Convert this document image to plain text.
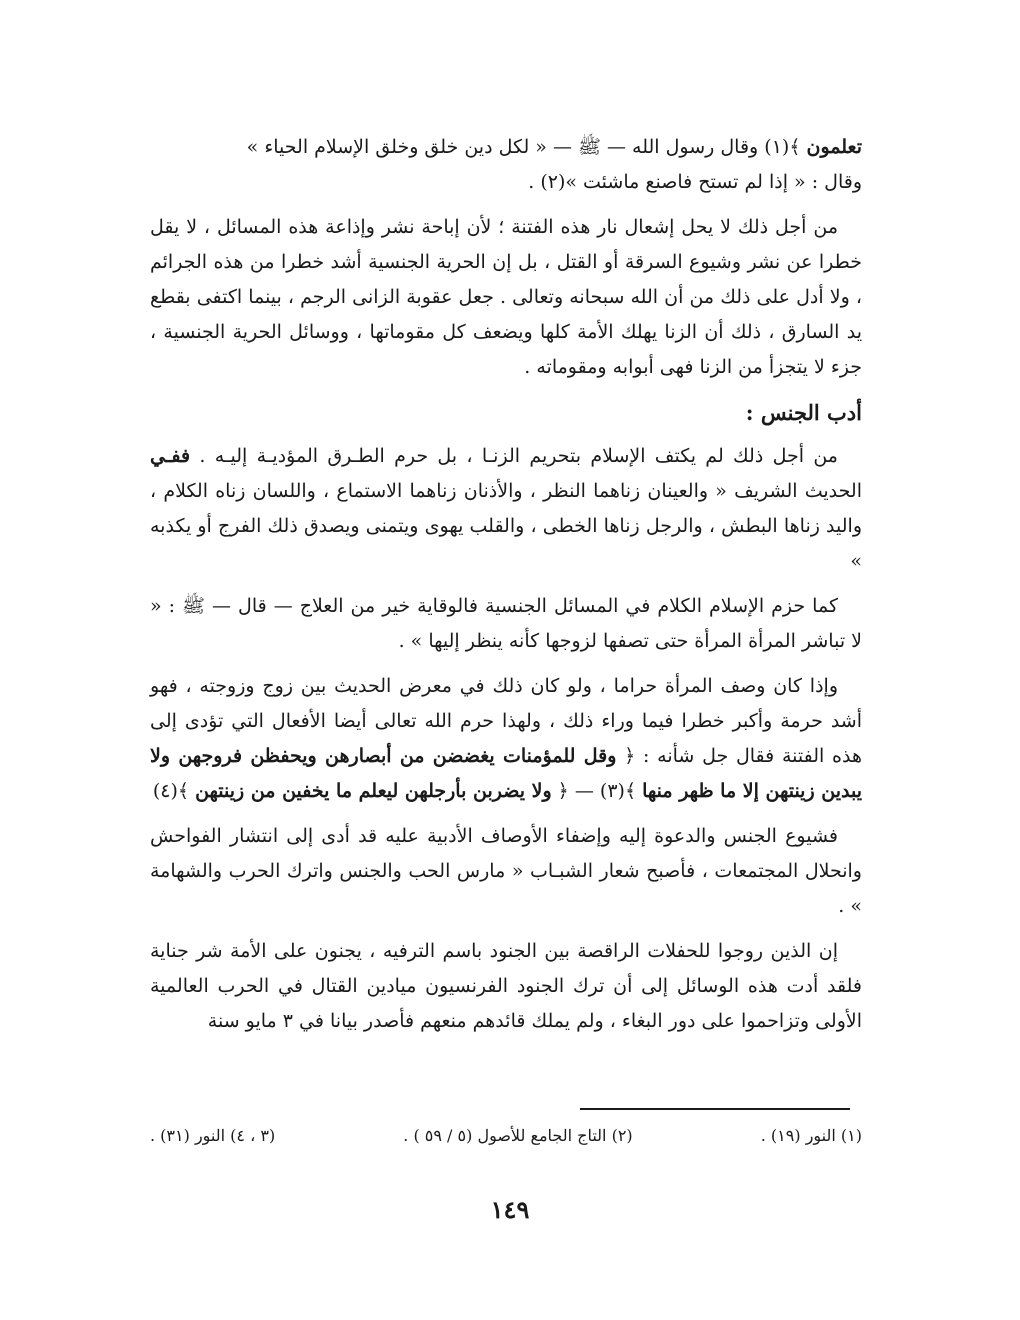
تعلمون ﴾(١) وقال رسول الله — ﷺ — « لكل دين خلق وخلق الإسلام الحياء »

وقال : « إذا لم تستح فاصنع ماشئت »(٢) .

من أجل ذلك لا يحل إشعال نار هذه الفتنة ؛ لأن إباحة نشر وإذاعة هذه المسائل ، لا يقل خطرا عن نشر وشيوع السرقة أو القتل ، بل إن الحرية الجنسية أشد خطرا من هذه الجرائم ، ولا أدل على ذلك من أن الله سبحانه وتعالى . جعل عقوبة الزانى الرجم ، بينما اكتفى بقطع يد السارق ، ذلك أن الزنا يهلك الأمة كلها ويضعف كل مقوماتها ، ووسائل الحرية الجنسية ، جزء لا يتجزأ من الزنا فهى أبوابه ومقوماته .

أدب الجنس :

من أجل ذلك لم يكتف الإسلام بتحريم الزنـا ، بل حرم الطـرق المؤديـة إليـه . ففـي الحديث الشريف « والعينان زناهما النظر ، والأذنان زناهما الاستماع ، واللسان زناه الكلام ، واليد زناها البطش ، والرجل زناها الخطى ، والقلب يهوى ويتمنى ويصدق ذلك الفرج أو يكذبه »

كما حزم الإسلام الكلام في المسائل الجنسية فالوقاية خير من العلاج — قال — ﷺ : « لا تباشر المرأة المرأة حتى تصفها لزوجها كأنه ينظر إليها » .

وإذا كان وصف المرأة حراما ، ولو كان ذلك في معرض الحديث بين زوج وزوجته ، فهو أشد حرمة وأكبر خطرا فيما وراء ذلك ، ولهذا حرم الله تعالى أيضا الأفعال التي تؤدى إلى هذه الفتنة فقال جل شأنه : ﴿ وقل للمؤمنات يغضضن من أبصارهن ويحفظن فروجهن ولا يبدين زينتهن إلا ما ظهر منها ﴾(٣) — ﴿ ولا يضربن بأرجلهن ليعلم ما يخفين من زينتهن ﴾(٤)

فشيوع الجنس والدعوة إليه وإضفاء الأوصاف الأدبية عليه قد أدى إلى انتشار الفواحش وانحلال المجتمعات ، فأصبح شعار الشبـاب « مارس الحب والجنس واترك الحرب والشهامة » .

إن الذين روجوا للحفلات الراقصة بين الجنود باسم الترفيه ، يجنون على الأمة شر جناية فلقد أدت هذه الوسائل إلى أن ترك الجنود الفرنسيون ميادين القتال في الحرب العالمية الأولى وتزاحموا على دور البغاء ، ولم يملك قائدهم منعهم فأصدر بيانا في ٣ مايو سنة

(١) النور (١٩) .
(٢) التاج الجامع للأصول (٥ / ٥٩ ) .
(٣ ، ٤) النور (٣١) .
١٤٩
